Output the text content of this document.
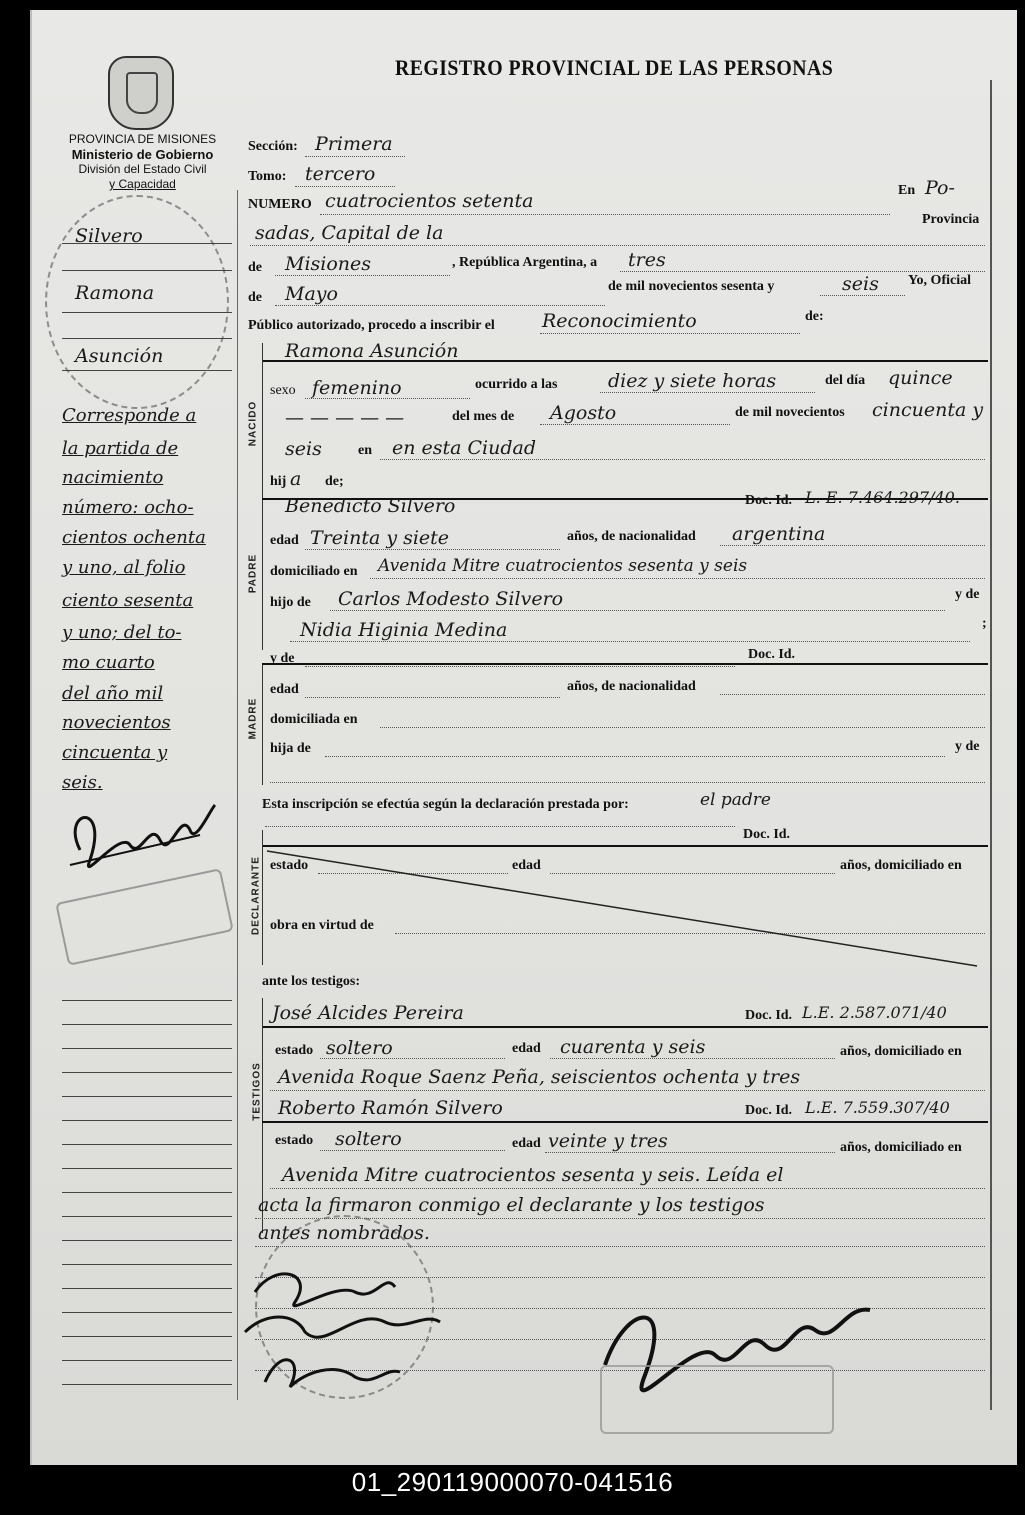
PROVINCIA DE MISIONES
Ministerio de Gobierno
División del Estado Civil
y Capacidad
REGISTRO PROVINCIAL DE LAS PERSONAS
Silvero
Ramona
Asunción
Corresponde a
la partida de
nacimiento
número: ocho-
cientos ochenta
y uno, al folio
ciento sesenta
y uno; del to-
mo cuarto
del año mil
novecientos
cincuenta y
seis.
Sección: Primera
Tomo: tercero
NUMERO cuatrocientos setenta	En Po-
Provincia
sadas, Capital de la
de Misiones	, República Argentina, a tres
de Mayo	de mil novecientos sesenta y	seis Yo, Oficial
Público autorizado, procedo a inscribir el Reconocimiento	de:
NACIDO
Ramona Asunción
sexo femenino	ocurrido a las	diez y siete horas	del día quince
— — — — —	del mes de Agosto	de mil novecientos cincuenta y
seis	en en esta Ciudad
hij a de;
PADRE
Benedicto Silvero	Doc. Id. L. E. 7.464.297/40.
edad Treinta y siete	años, de nacionalidad argentina
domiciliado en Avenida Mitre cuatrocientos sesenta y seis
hijo de Carlos Modesto Silvero	y de
Nidia Higinia Medina	;
y de	Doc. Id.
MADRE
edad	años, de nacionalidad
domiciliada en
hija de	y de
Esta inscripción se efectúa según la declaración prestada por:	el padre
Doc. Id.
DECLARANTE estado	edad	años, domiciliado en
obra en virtud de
ante los testigos:
José Alcides Pereira	Doc. Id. L.E. 2.587.071/40
TESTIGOS
estado soltero	edad cuarenta y seis	años, domiciliado en
Avenida Roque Saenz Peña, seiscientos ochenta y tres
Roberto Ramón Silvero	Doc. Id. L.E. 7.559.307/40
estado soltero	edad veinte y tres	años, domiciliado en
Avenida Mitre cuatrocientos sesenta y seis. Leída el
acta la firmaron conmigo el declarante y los testigos
antes nombrados.
01_290119000070-041516
